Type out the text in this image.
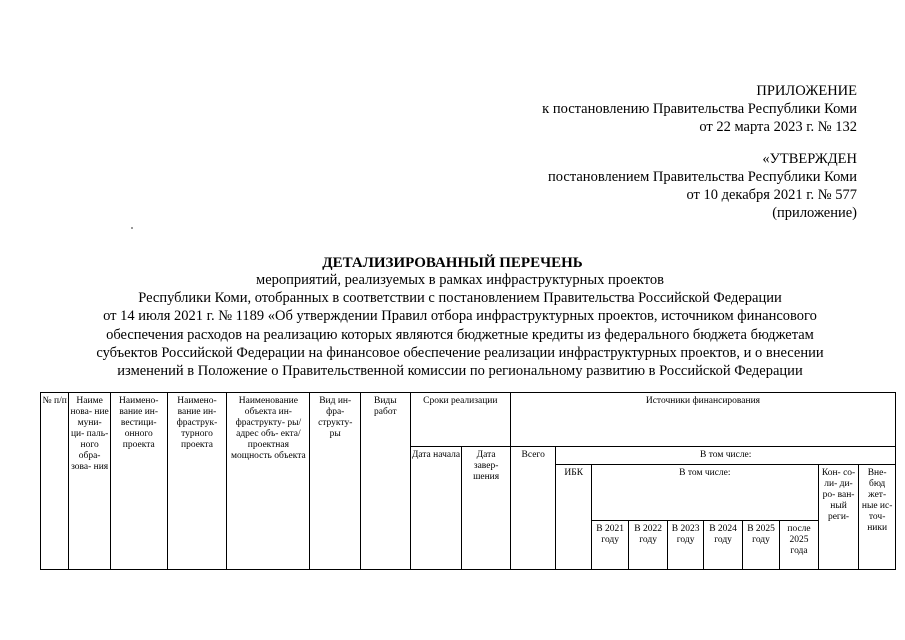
ПРИЛОЖЕНИЕ
к постановлению Правительства Республики Коми
от 22 марта 2023 г. № 132
«УТВЕРЖДЕН
постановлением Правительства Республики Коми
от 10 декабря 2021 г. № 577
(приложение)
ДЕТАЛИЗИРОВАННЫЙ ПЕРЕЧЕНЬ
мероприятий, реализуемых в рамках инфраструктурных проектов
Республики Коми, отобранных в соответствии с постановлением Правительства Российской Федерации
от 14 июля 2021 г. № 1189 «Об утверждении Правил отбора инфраструктурных проектов, источником финансового
обеспечения расходов на реализацию которых являются бюджетные кредиты из федерального бюджета бюджетам
субъектов Российской Федерации на финансовое обеспечение реализации инфраструктурных проектов, и о внесении
изменений в Положение о Правительственной комиссии по региональному развитию в Российской Федерации
№ п/п	Наиме нова- ние муни- ци- паль- ного обра- зова- ния	Наимено- вание ин- вестици- онного проекта	Наимено- вание ин- фраструк- турного проекта	Наименование объекта ин- фраструкту- ры/адрес объ- екта/проектная мощность объекта	Вид ин- фра- структу- ры	Виды работ	Сроки реализации		Источники финансирования									
							Дата начала	Дата завер- шения	Всего	В том числе:								
										ИБК	В том числе:						Кон- со- ли- ди- ро- ван- ный реги-	Вне- бюд жет- ные ис- точ- ники
											В 2021 году	В 2022 году	В 2023 году	В 2024 году	В 2025 году	после 2025 года		
